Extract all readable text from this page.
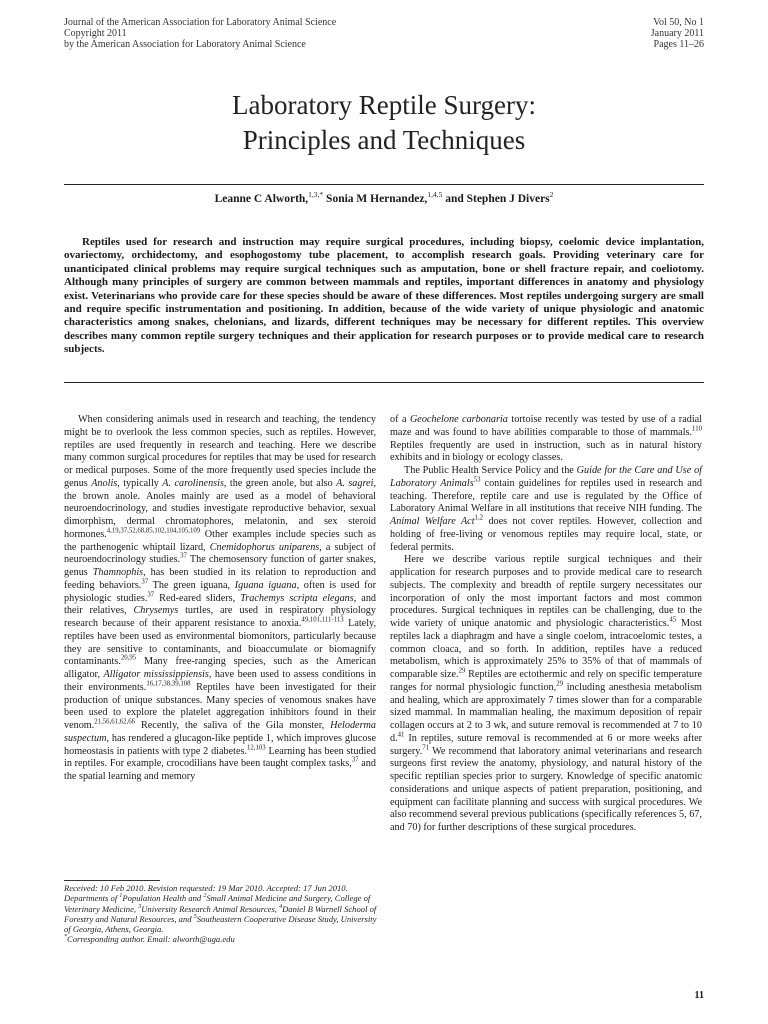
Journal of the American Association for Laboratory Animal Science
Copyright 2011
by the American Association for Laboratory Animal Science
Vol 50, No 1
January 2011
Pages 11–26
Laboratory Reptile Surgery:
Principles and Techniques
Leanne C Alworth,$^{1,3,*}$ Sonia M Hernandez,$^{1,4,5}$ and Stephen J Divers$^2$
Reptiles used for research and instruction may require surgical procedures, including biopsy, coelomic device implantation, ovariectomy, orchidectomy, and esophogostomy tube placement, to accomplish research goals. Providing veterinary care for unanticipated clinical problems may require surgical techniques such as amputation, bone or shell fracture repair, and coeliotomy. Although many principles of surgery are common between mammals and reptiles, important differences in anatomy and physiology exist. Veterinarians who provide care for these species should be aware of these differences. Most reptiles undergoing surgery are small and require specific instrumentation and positioning. In addition, because of the wide variety of unique physiologic and anatomic characteristics among snakes, chelonians, and lizards, different techniques may be necessary for different reptiles. This overview describes many common reptile surgery techniques and their application for research purposes or to provide medical care to research subjects.

When considering animals used in research and teaching, the tendency might be to overlook the less common species, such as reptiles. However, reptiles are used frequently in research and teaching. Here we describe many common surgical procedures for reptiles that may be used for research or medical purposes. Some of the more frequently used species include the genus Anolis, typically A. carolinensis, the green anole, but also A. sagrei, the brown anole. Anoles mainly are used as a model of behavioral neuroendocrinology, and studies investigate reproductive behavior, sexual dimorphism, dermal chromatophores, melatonin, and sex steroid hormones.$^{4,19,37,52,68,85,102,104,105,109}$ Other examples include species such as the parthenogenic whiptail lizard, Cnemidophorus uniparens, a subject of neuroendocrinology studies.$^{37}$ The chemosensory function of garter snakes, genus Thamnophis, has been studied in its relation to reproduction and feeding behaviors.$^{37}$ The green iguana, Iguana iguana, often is used for physiologic studies.$^{37}$ Red-eared sliders, Trachemys scripta elegans, and their relatives, Chrysemys turtles, are used in respiratory physiology research because of their apparent resistance to anoxia.$^{49,101,111-113}$ Lately, reptiles have been used as environmental biomonitors, particularly because they are sensitive to contaminants, and bioaccumulate or biomagnify contaminants.$^{20,95}$ Many free-ranging species, such as the American alligator, Alligator mississippiensis, have been used to assess conditions in their environments.$^{16,17,38,39,108}$ Reptiles have been investigated for their production of unique substances. Many species of venomous snakes have been used to explore the platelet aggregation inhibitors found in their venom.$^{21,56,61,62,66}$ Recently, the saliva of the Gila monster, Heloderma suspectum, has rendered a glucagon-like peptide 1, which improves glucose homeostasis in patients with type 2 diabetes.$^{12,103}$ Learning has been studied in reptiles. For example, crocodilians have been taught complex tasks,$^{37}$ and the spatial learning and memory

of a Geochelone carbonaria tortoise recently was tested by use of a radial maze and was found to have abilities comparable to those of mammals.$^{110}$ Reptiles frequently are used in instruction, such as in natural history exhibits and in biology or ecology classes.

The Public Health Service Policy and the Guide for the Care and Use of Laboratory Animals$^{53}$ contain guidelines for reptiles used in research and teaching. Therefore, reptile care and use is regulated by the Office of Laboratory Animal Welfare in all institutions that receive NIH funding. The Animal Welfare Act$^{1,2}$ does not cover reptiles. However, collection and holding of free-living or venomous reptiles may require local, state, or federal permits.

Here we describe various reptile surgical techniques and their application for research purposes and to provide medical care to research subjects. The complexity and breadth of reptile surgery necessitates our incorporation of only the most important factors and most common procedures. Surgical techniques in reptiles can be challenging, due to the wide variety of unique anatomic and physiologic characteristics.$^{45}$ Most reptiles lack a diaphragm and have a single coelom, intracoelomic testes, a common cloaca, and so forth. In addition, reptiles have a reduced metabolism, which is approximately 25% to 35% of that of mammals of comparable size.$^{29}$ Reptiles are ectothermic and rely on specific temperature ranges for normal physiologic function,$^{29}$ including anesthesia metabolism and healing, which are approximately 7 times slower than for a comparable sized mammal. In mammalian healing, the maximum deposition of repair collagen occurs at 2 to 3 wk, and suture removal is recommended at 7 to 10 d.$^{41}$ In reptiles, suture removal is recommended at 6 or more weeks after surgery.$^{71}$ We recommend that laboratory animal veterinarians and research surgeons first review the anatomy, physiology, and natural history of the specific reptilian species prior to surgery. Knowledge of specific anatomic considerations and unique aspects of patient preparation, positioning, and equipment can facilitate planning and success with surgical procedures. We also recommend several previous publications (specifically references 5, 67, and 70) for further descriptions of these surgical procedures.

Received: 10 Feb 2010. Revision requested: 19 Mar 2010. Accepted: 17 Jun 2010.
Departments of $^1$Population Health and $^2$Small Animal Medicine and Surgery, College of Veterinary Medicine, $^3$University Research Animal Resources, $^4$Daniel B Warnell School of Forestry and Natural Resources, and $^5$Southeastern Cooperative Disease Study, University of Georgia, Athens, Georgia.
*Corresponding author. Email: alworth@uga.edu
11
